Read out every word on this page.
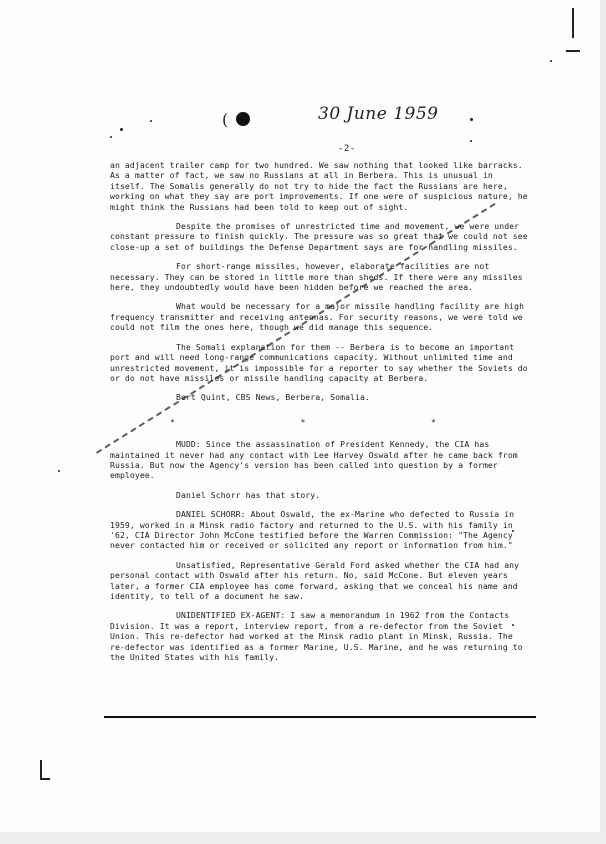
(	30 June 1959
-2-

an adjacent trailer camp for two hundred. We saw nothing that looked like barracks. As a matter of fact, we saw no Russians at all in Berbera. This is unusual in itself. The Somalis generally do not try to hide the fact the Russians are here, working on what they say are port improvements. If one were of suspicious nature, he might think the Russians had been told to keep out of sight.

Despite the promises of unrestricted time and movement, we were under constant pressure to finish quickly. The pressure was so great that we could not see close-up a set of buildings the Defense Department says are for handling missiles.

For short-range missiles, however, elaborate facilities are not necessary. They can be stored in little more than sheds. If there were any missiles here, they undoubtedly would have been hidden before we reached the area.

What would be necessary for a major missile handling facility are high frequency transmitter and receiving antennas. For security reasons, we were told we could not film the ones here, though we did manage this sequence.

The Somali explanation for them -- Berbera is to become an important port and will need long-range communications capacity. Without unlimited time and unrestricted movement, it is impossible for a reporter to say whether the Soviets do or do not have missiles or missile handling capacity at Berbera.

Bert Quint, CBS News, Berbera, Somalia.

*	*	*

MUDD: Since the assassination of President Kennedy, the CIA has maintained it never had any contact with Lee Harvey Oswald after he came back from Russia. But now the Agency's version has been called into question by a former employee.

Daniel Schorr has that story.

DANIEL SCHORR: About Oswald, the ex-Marine who defected to Russia in 1959, worked in a Minsk radio factory and returned to the U.S. with his family in '62, CIA Director John McCone testified before the Warren Commission: "The Agency never contacted him or received or solicited any report or information from him."

Unsatisfied, Representative Gerald Ford asked whether the CIA had any personal contact with Oswald after his return. No, said McCone. But eleven years later, a former CIA employee has come forward, asking that we conceal his name and identity, to tell of a document he saw.

UNIDENTIFIED EX-AGENT: I saw a memorandum in 1962 from the Contacts Division. It was a report, interview report, from a re-defector from the Soviet Union. This re-defector had worked at the Minsk radio plant in Minsk, Russia. The re-defector was identified as a former Marine, U.S. Marine, and he was returning to the United States with his family.
